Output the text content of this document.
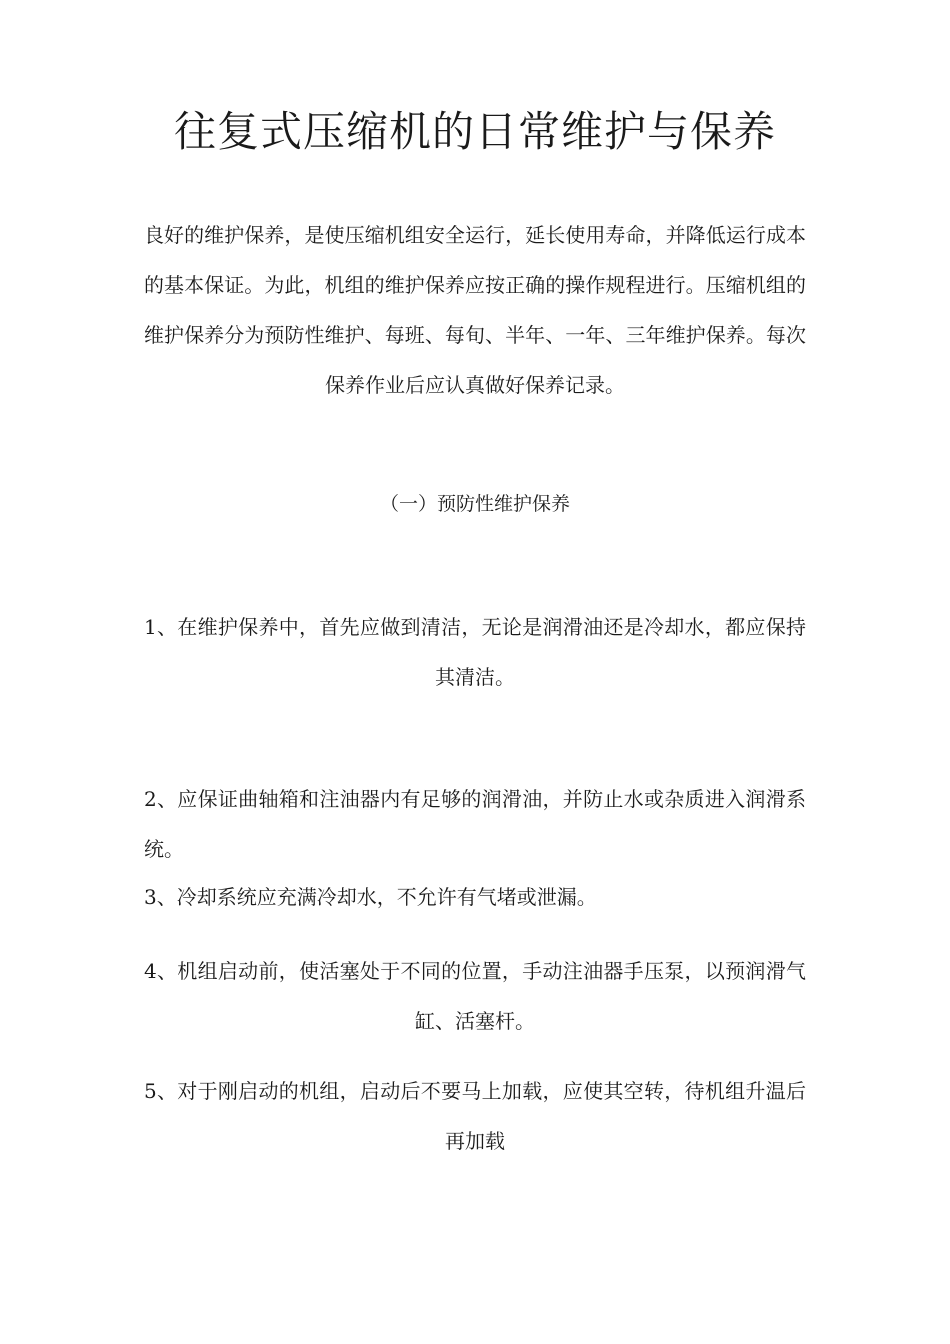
往复式压缩机的日常维护与保养

良好的维护保养，是使压缩机组安全运行，延长使用寿命，并降低运行成本的基本保证。为此，机组的维护保养应按正确的操作规程进行。压缩机组的维护保养分为预防性维护、每班、每旬、半年、一年、三年维护保养。每次保养作业后应认真做好保养记录。

（一）预防性维护保养

1、在维护保养中，首先应做到清洁，无论是润滑油还是冷却水，都应保持其清洁。

2、应保证曲轴箱和注油器内有足够的润滑油，并防止水或杂质进入润滑系统。

3、冷却系统应充满冷却水，不允许有气堵或泄漏。

4、机组启动前，使活塞处于不同的位置，手动注油器手压泵，以预润滑气缸、活塞杆。

5、对于刚启动的机组，启动后不要马上加载，应使其空转，待机组升温后再加载
